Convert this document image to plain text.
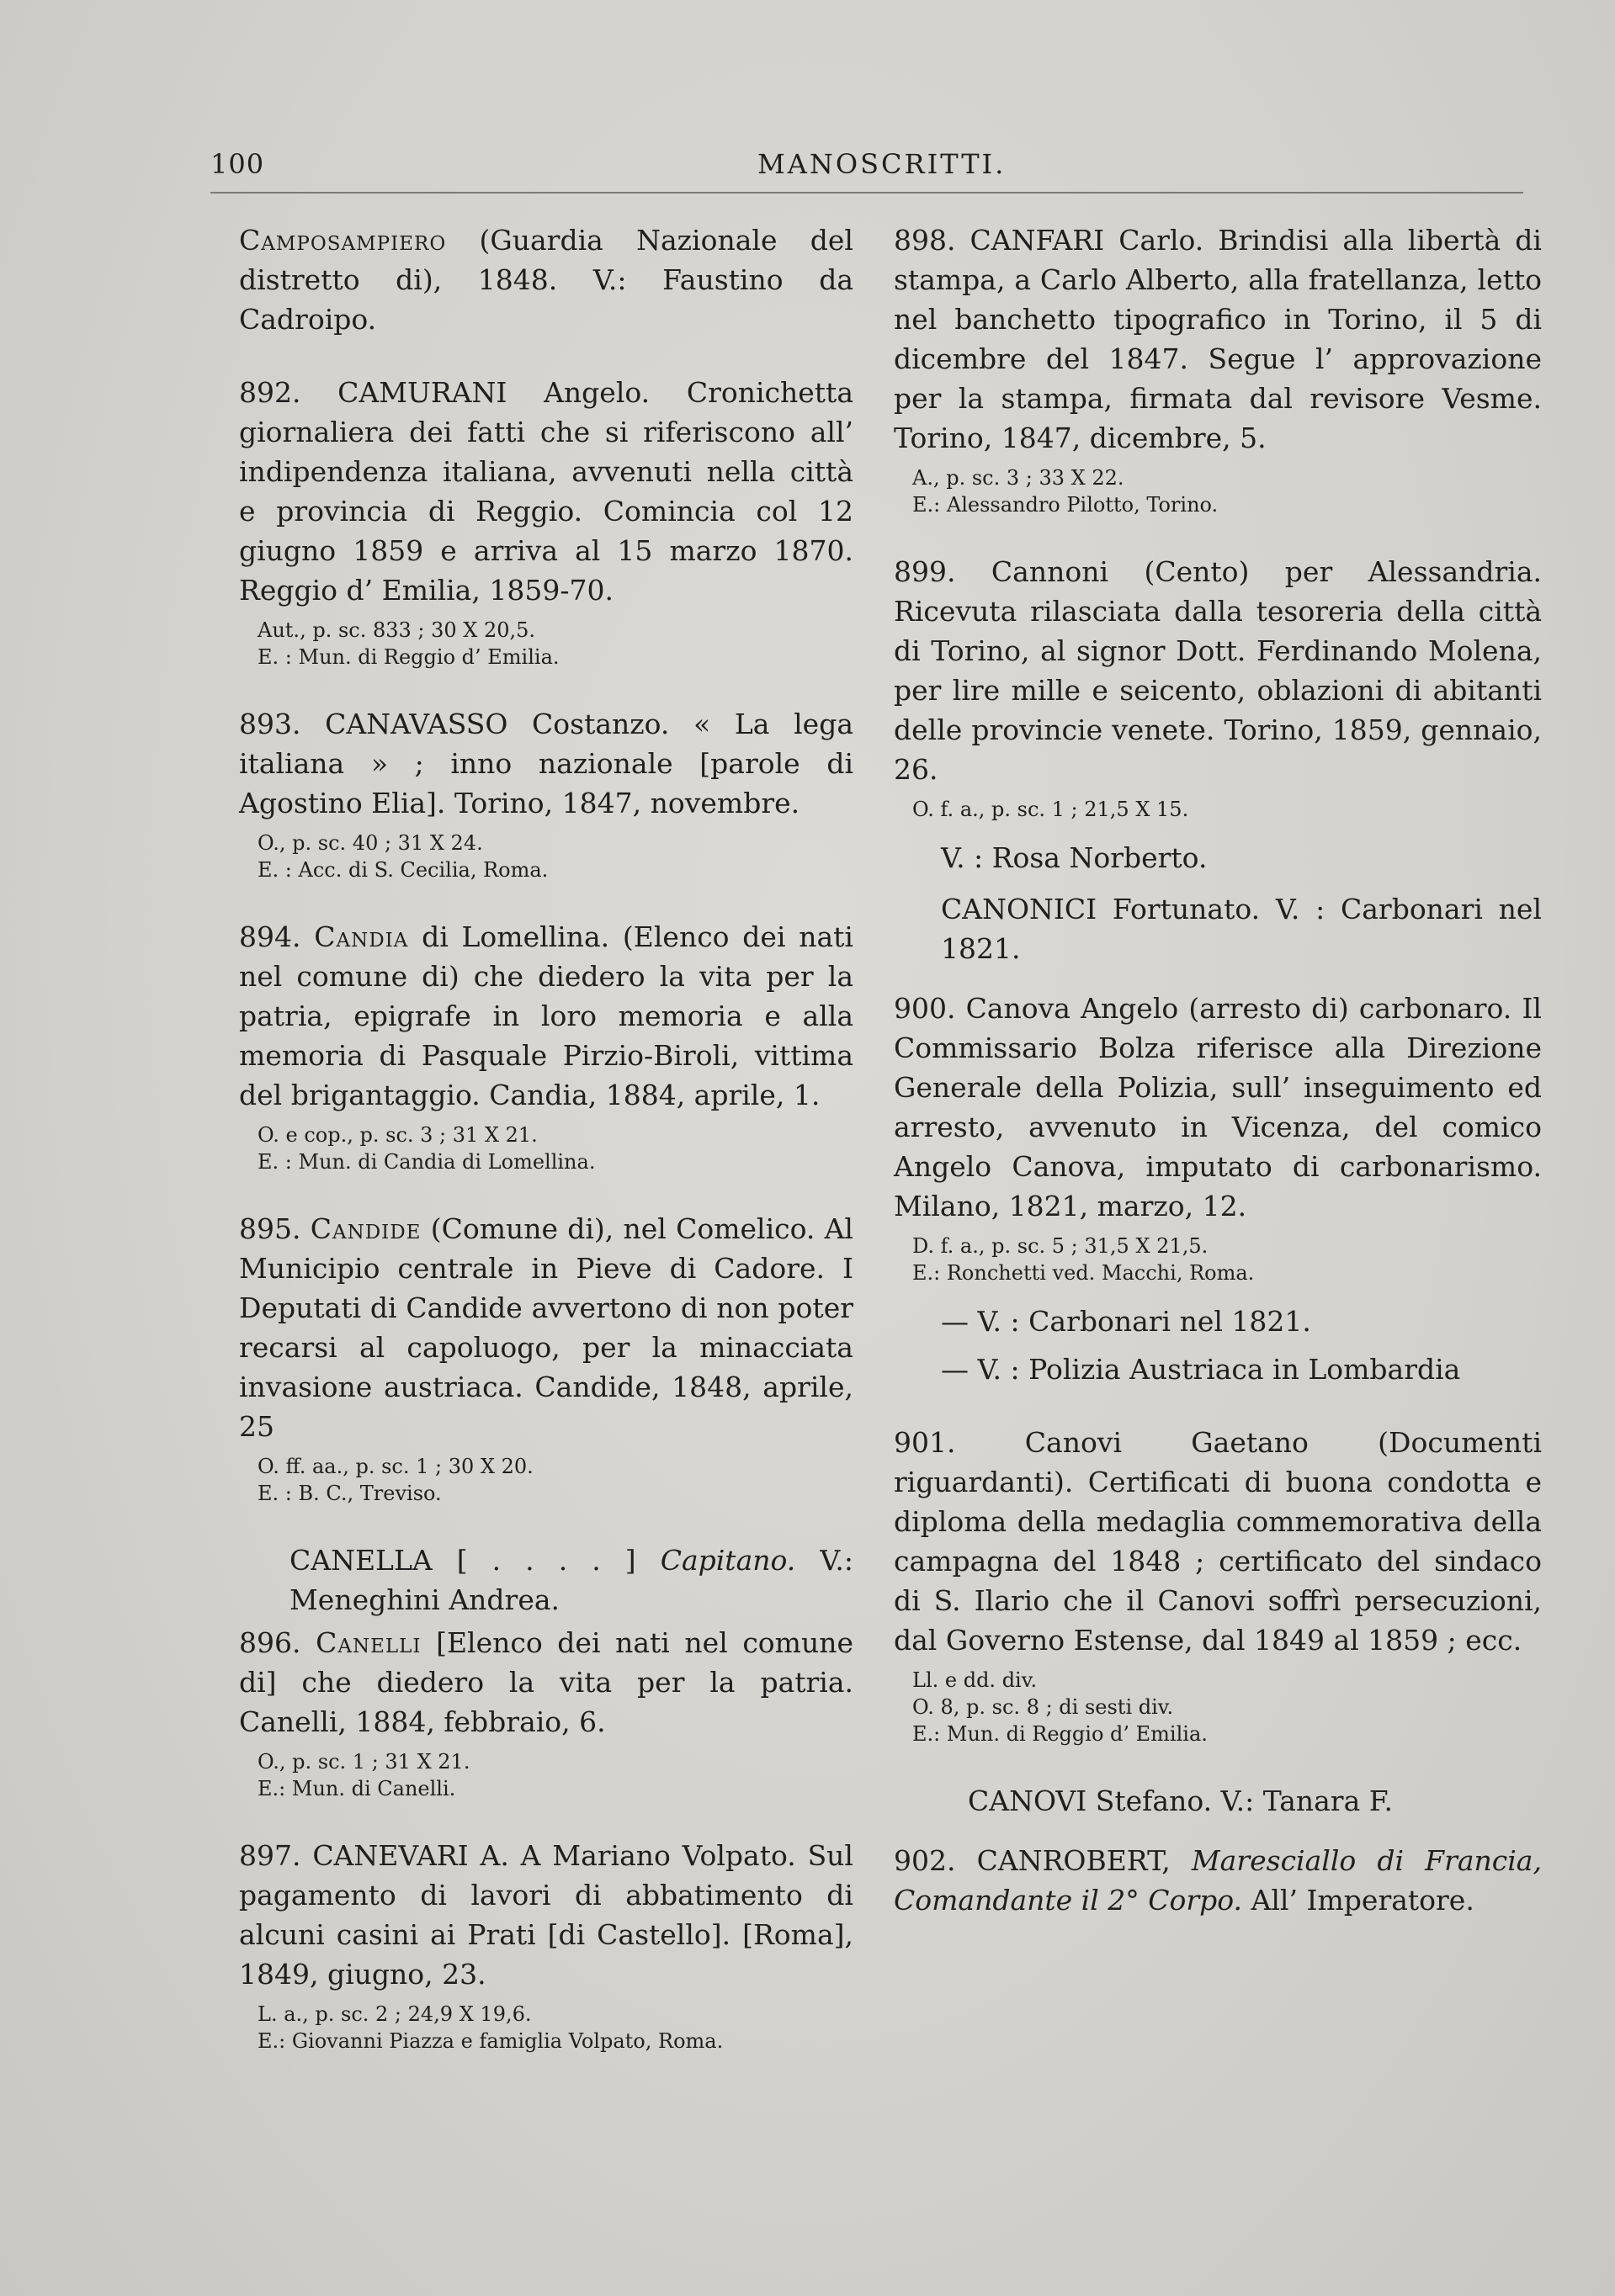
100	MANOSCRITTI.
Camposampiero (Guardia Nazionale del distretto di), 1848. V.: Faustino da Cadroipo.
892. CAMURANI Angelo. Cronichetta giornaliera dei fatti che si riferiscono all’ indipendenza italiana, avvenuti nella città e provincia di Reggio. Comincia col 12 giugno 1859 e arriva al 15 marzo 1870. Reggio d’ Emilia, 1859-70.
Aut., p. sc. 833 ; 30 X 20,5.
E. : Mun. di Reggio d’ Emilia.
893. CANAVASSO Costanzo. « La lega italiana » ; inno nazionale [parole di Agostino Elia]. Torino, 1847, novembre.
O., p. sc. 40 ; 31 X 24.
E. : Acc. di S. Cecilia, Roma.
894. Candia di Lomellina. (Elenco dei nati nel comune di) che diedero la vita per la patria, epigrafe in loro memoria e alla memoria di Pasquale Pirzio-Biroli, vittima del brigantaggio. Candia, 1884, aprile, 1.
O. e cop., p. sc. 3 ; 31 X 21.
E. : Mun. di Candia di Lomellina.
895. Candide (Comune di), nel Comelico. Al Municipio centrale in Pieve di Cadore. I Deputati di Candide avvertono di non poter recarsi al capoluogo, per la minacciata invasione austriaca. Candide, 1848, aprile, 25
O. ff. aa., p. sc. 1 ; 30 X 20.
E. : B. C., Treviso.
CANELLA [ . . . . ] Capitano. V.: Meneghini Andrea.
896. Canelli [Elenco dei nati nel comune di] che diedero la vita per la patria. Canelli, 1884, febbraio, 6.
O., p. sc. 1 ; 31 X 21.
E.: Mun. di Canelli.
897. CANEVARI A. A Mariano Volpato. Sul pagamento di lavori di abbatimento di alcuni casini ai Prati [di Castello]. [Roma], 1849, giugno, 23.
L. a., p. sc. 2 ; 24,9 X 19,6.
E.: Giovanni Piazza e famiglia Volpato, Roma.
898. CANFARI Carlo. Brindisi alla libertà di stampa, a Carlo Alberto, alla fratellanza, letto nel banchetto tipografico in Torino, il 5 di dicembre del 1847. Segue l’ approvazione per la stampa, firmata dal revisore Vesme. Torino, 1847, dicembre, 5.
A., p. sc. 3 ; 33 X 22.
E.: Alessandro Pilotto, Torino.
899. Cannoni (Cento) per Alessandria. Ricevuta rilasciata dalla tesoreria della città di Torino, al signor Dott. Ferdinando Molena, per lire mille e seicento, oblazioni di abitanti delle provincie venete. Torino, 1859, gennaio, 26.
O. f. a., p. sc. 1 ; 21,5 X 15.
V. : Rosa Norberto.
CANONICI Fortunato. V. : Carbonari nel 1821.
900. Canova Angelo (arresto di) carbonaro. Il Commissario Bolza riferisce alla Direzione Generale della Polizia, sull’ inseguimento ed arresto, avvenuto in Vicenza, del comico Angelo Canova, imputato di carbonarismo. Milano, 1821, marzo, 12.
D. f. a., p. sc. 5 ; 31,5 X 21,5.
E.: Ronchetti ved. Macchi, Roma.
— V. : Carbonari nel 1821.
— V. : Polizia Austriaca in Lombardia
901. Canovi Gaetano (Documenti riguardanti). Certificati di buona condotta e diploma della medaglia commemorativa della campagna del 1848 ; certificato del sindaco di S. Ilario che il Canovi soffrì persecuzioni, dal Governo Estense, dal 1849 al 1859 ; ecc.
Ll. e dd. div.
O. 8, p. sc. 8 ; di sesti div.
E.: Mun. di Reggio d’ Emilia.
CANOVI Stefano. V.: Tanara F.
902. CANROBERT, Maresciallo di Francia, Comandante il 2° Corpo. All’ Imperatore.
